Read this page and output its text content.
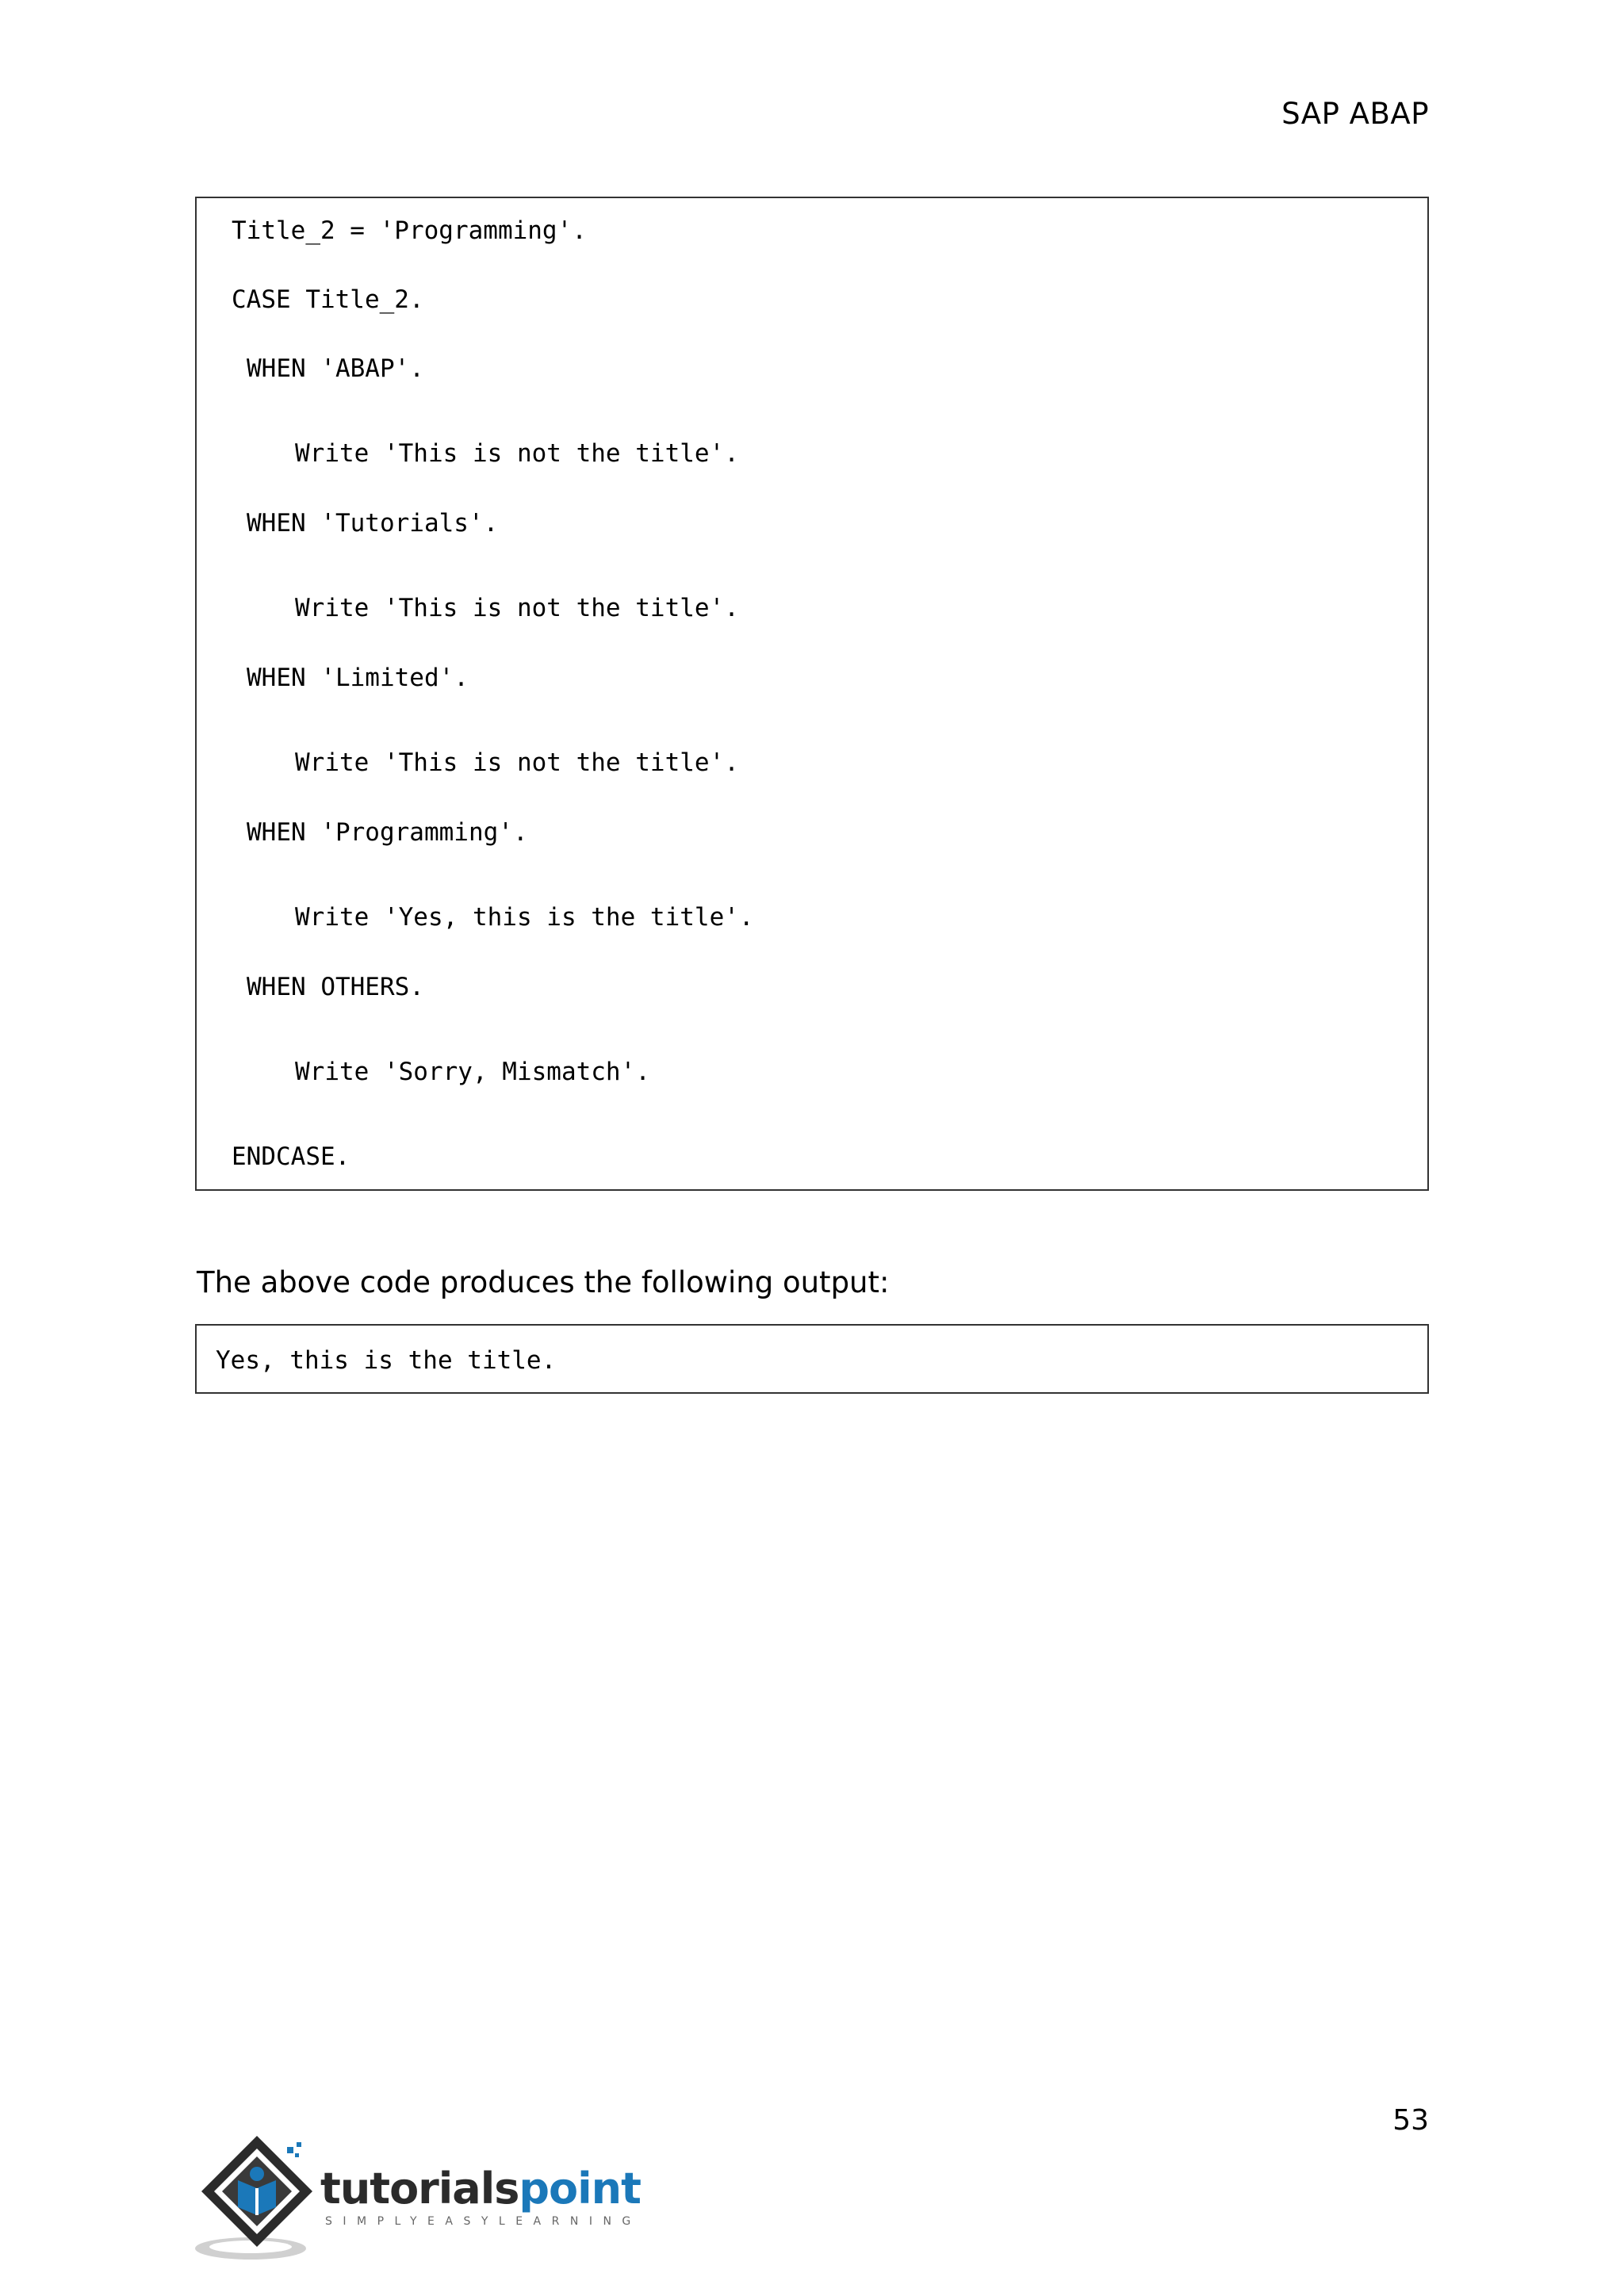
SAP ABAP
Title_2 = 'Programming'.
CASE Title_2.
WHEN 'ABAP'.
Write 'This is not the title'.
WHEN 'Tutorials'.
Write 'This is not the title'.
WHEN 'Limited'.
Write 'This is not the title'.
WHEN 'Programming'.
Write 'Yes, this is the title'.
WHEN OTHERS.
Write 'Sorry, Mismatch'.
ENDCASE.
The above code produces the following output:
Yes, this is the title.
53
tutorialspoint
SIMPLYEASYLEARNING
